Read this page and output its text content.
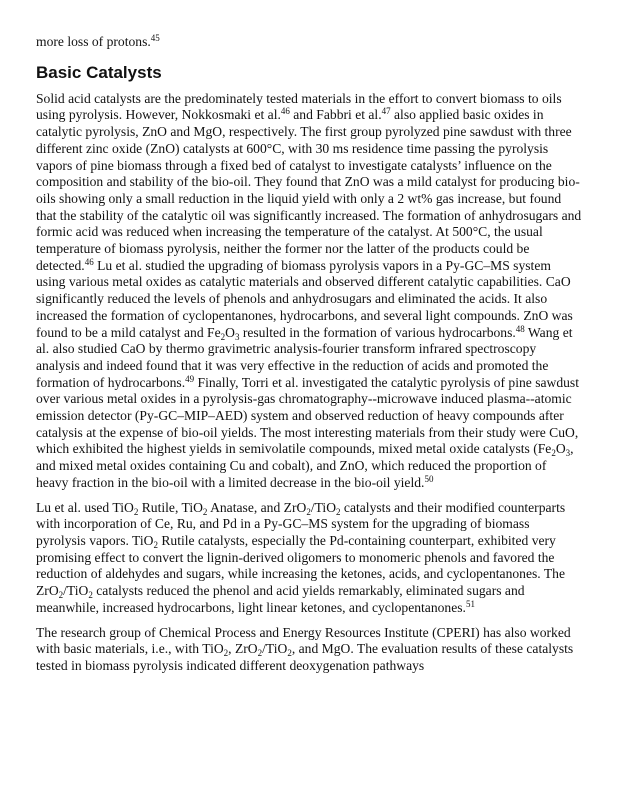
more loss of protons.$^{45}$

Basic Catalysts

Solid acid catalysts are the predominately tested materials in the effort to convert biomass to oils using pyrolysis. However, Nokkosmaki et al.$^{46}$ and Fabbri et al.$^{47}$ also applied basic oxides in catalytic pyrolysis, ZnO and MgO, respectively. The first group pyrolyzed pine sawdust with three different zinc oxide (ZnO) catalysts at 600°C, with 30 ms residence time passing the pyrolysis vapors of pine biomass through a fixed bed of catalyst to investigate catalysts’ influence on the composition and stability of the bio-oil. They found that ZnO was a mild catalyst for producing bio-oils showing only a small reduction in the liquid yield with only a 2 wt% gas increase, but found that the stability of the catalytic oil was significantly increased. The formation of anhydrosugars and formic acid was reduced when increasing the temperature of the catalyst. At 500°C, the usual temperature of biomass pyrolysis, neither the former nor the latter of the products could be detected.$^{46}$ Lu et al. studied the upgrading of biomass pyrolysis vapors in a Py-GC–MS system using various metal oxides as catalytic materials and observed different catalytic capabilities. CaO significantly reduced the levels of phenols and anhydrosugars and eliminated the acids. It also increased the formation of cyclopentanones, hydrocarbons, and several light compounds. ZnO was found to be a mild catalyst and $Fe_2O_3$ resulted in the formation of various hydrocarbons.$^{48}$ Wang et al. also studied CaO by thermo gravimetric analysis-fourier transform infrared spectroscopy analysis and indeed found that it was very effective in the reduction of acids and promoted the formation of hydrocarbons.$^{49}$ Finally, Torri et al. investigated the catalytic pyrolysis of pine sawdust over various metal oxides in a pyrolysis-gas chromatography--microwave induced plasma--atomic emission detector (Py-GC–MIP–AED) system and observed reduction of heavy compounds after catalysis at the expense of bio-oil yields. The most interesting materials from their study were CuO, which exhibited the highest yields in semivolatile compounds, mixed metal oxide catalysts ($Fe_2O_3$, and mixed metal oxides containing Cu and cobalt), and ZnO, which reduced the proportion of heavy fraction in the bio-oil with a limited decrease in the bio-oil yield.$^{50}$

Lu et al. used TiO$_2$ Rutile, TiO$_2$ Anatase, and ZrO$_2$/TiO$_2$ catalysts and their modified counterparts with incorporation of Ce, Ru, and Pd in a Py-GC–MS system for the upgrading of biomass pyrolysis vapors. TiO$_2$ Rutile catalysts, especially the Pd-containing counterpart, exhibited very promising effect to convert the lignin-derived oligomers to monomeric phenols and favored the reduction of aldehydes and sugars, while increasing the ketones, acids, and cyclopentanones. The ZrO$_2$/TiO$_2$ catalysts reduced the phenol and acid yields remarkably, eliminated sugars and meanwhile, increased hydrocarbons, light linear ketones, and cyclopentanones.$^{51}$

The research group of Chemical Process and Energy Resources Institute (CPERI) has also worked with basic materials, i.e., with TiO$_2$, ZrO$_2$/TiO$_2$, and MgO. The evaluation results of these catalysts tested in biomass pyrolysis indicated different deoxygenation pathways
